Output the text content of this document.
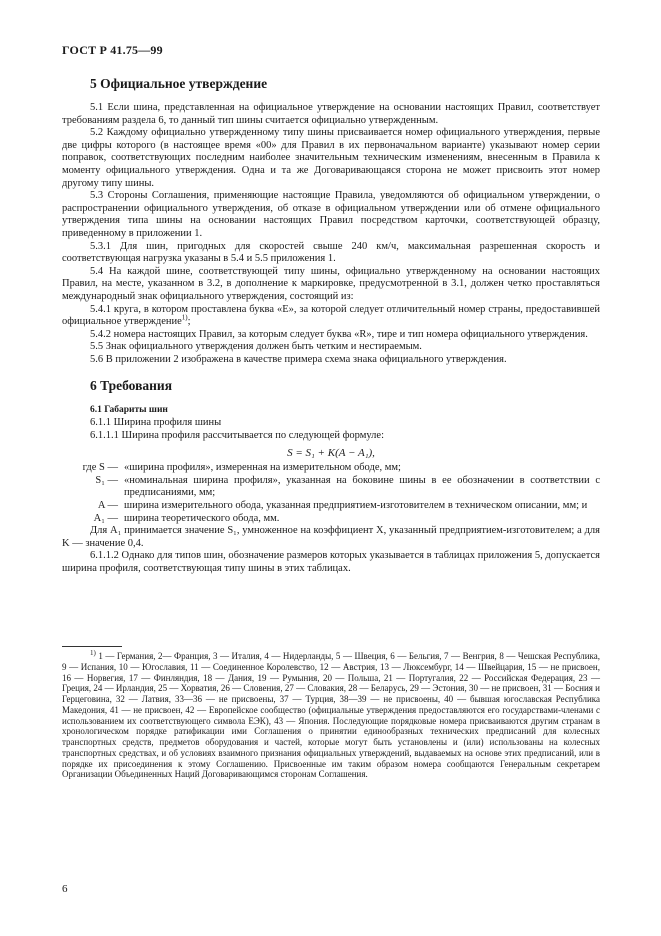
ГОСТ Р 41.75—99
5 Официальное утверждение

5.1 Если шина, представленная на официальное утверждение на основании настоящих Правил, соответствует требованиям раздела 6, то данный тип шины считается официально утвержденным.

5.2 Каждому официально утвержденному типу шины присваивается номер официального утверждения, первые две цифры которого (в настоящее время «00» для Правил в их первоначальном варианте) указывают номер серии поправок, соответствующих последним наиболее значительным техническим изменениям, внесенным в Правила к моменту официального утверждения. Одна и та же Договаривающаяся сторона не может присвоить этот номер другому типу шины.

5.3 Стороны Соглашения, применяющие настоящие Правила, уведомляются об официальном утверждении, о распространении официального утверждения, об отказе в официальном утверждении или об отмене официального утверждения типа шины на основании настоящих Правил посредством карточки, соответствующей образцу, приведенному в приложении 1.

5.3.1 Для шин, пригодных для скоростей свыше 240 км/ч, максимальная разрешенная скорость и соответствующая нагрузка указаны в 5.4 и 5.5 приложения 1.

5.4 На каждой шине, соответствующей типу шины, официально утвержденному на основании настоящих Правил, на месте, указанном в 3.2, в дополнение к маркировке, предусмотренной в 3.1, должен четко проставляться международный знак официального утверждения, состоящий из:

5.4.1 круга, в котором проставлена буква «E», за которой следует отличительный номер страны, предоставившей официальное утверждение$^{1)}$;

5.4.2 номера настоящих Правил, за которым следует буква «R», тире и тип номера официального утверждения.

5.5 Знак официального утверждения должен быть четким и нестираемым.

5.6 В приложении 2 изображена в качестве примера схема знака официального утверждения.

6 Требования

6.1 Габариты шин

6.1.1 Ширина профиля шины

6.1.1.1 Ширина профиля рассчитывается по следующей формуле:

S = S₁ + K(A − A₁),
где S — «ширина профиля», измеренная на измерительном ободе, мм;
S₁ — «номинальная ширина профиля», указанная на боковине шины в ее обозначении в соответствии с предписаниями, мм;
A — ширина измерительного обода, указанная предприятием-изготовителем в техническом описании, мм; и
A₁ — ширина теоретического обода, мм.

Для A₁ принимается значение S₁, умноженное на коэффициент X, указанный предприятием-изготовителем; а для K — значение 0,4.

6.1.1.2 Однако для типов шин, обозначение размеров которых указывается в таблицах приложения 5, допускается ширина профиля, соответствующая типу шины в этих таблицах.

$^{1)}$ 1 — Германия, 2— Франция, 3 — Италия, 4 — Нидерланды, 5 — Швеция, 6 — Бельгия, 7 — Венгрия, 8 — Чешская Республика, 9 — Испания, 10 — Югославия, 11 — Соединенное Королевство, 12 — Австрия, 13 — Люксембург, 14 — Швейцария, 15 — не присвоен, 16 — Норвегия, 17 — Финляндия, 18 — Дания, 19 — Румыния, 20 — Польша, 21 — Португалия, 22 — Российская Федерация, 23 — Греция, 24 — Ирландия, 25 — Хорватия, 26 — Словения, 27 — Словакия, 28 — Беларусь, 29 — Эстония, 30 — не присвоен, 31 — Босния и Герцеговина, 32 — Латвия, 33—36 — не присвоены, 37 — Турция, 38—39 — не присвоены, 40 — бывшая югославская Республика Македония, 41 — не присвоен, 42 — Европейское сообщество (официальные утверждения предоставляются его государствами-членами с использованием их соответствующего символа ЕЭК), 43 — Япония. Последующие порядковые номера присваиваются другим странам в хронологическом порядке ратификации ими Соглашения о принятии единообразных технических предписаний для колесных транспортных средств, предметов оборудования и частей, которые могут быть установлены и (или) использованы на колесных транспортных средствах, и об условиях взаимного признания официальных утверждений, выдаваемых на основе этих предписаний, или в порядке их присоединения к этому Соглашению. Присвоенные им таким образом номера сообщаются Генеральным секретарем Организации Объединенных Наций Договаривающимся сторонам Соглашения.
6
